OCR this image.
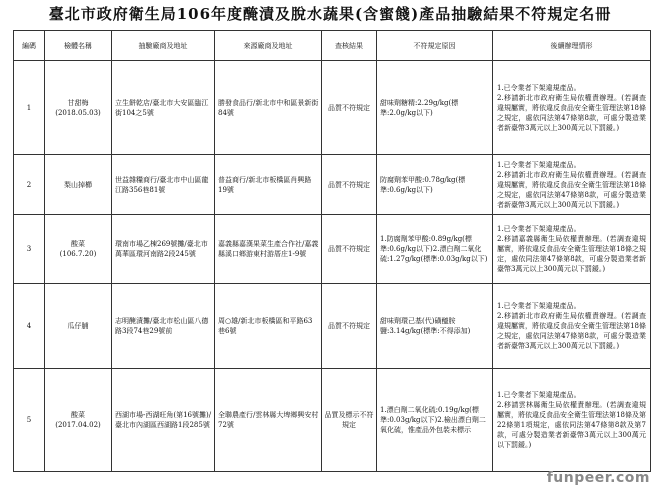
臺北市政府衛生局106年度醃漬及脫水蔬果(含蜜餞)產品抽驗結果不符規定名冊
編碼	檢體名稱	抽驗廠商及地址	來源廠商及地址	查核結果	不符規定原因	後續辦理情形
1	甘甜梅
(2018.05.03)	立生餅乾店/臺北市大安區臨江街104之5號	勝發食品行/新北市中和區景新街84號	品質不符規定	甜味劑糖精:2.29g/kg(標準:2.0g/kg以下)	1.已令業者下架違規產品。
2.移請新北市政府衛生局依權責辦理。(若調查違規屬實，將依違反食品安全衛生管理法第18條之規定，處依同法第47條第8款，可處分製造業者新臺幣3萬元以上300萬元以下罰鍰。)

2	梨山掉櫛	世益雜糧商行/臺北市中山區龍江路356巷81號	普益商行/新北市板橋區肖興路19號	品質不符規定	防腐劑苯甲酸:0.78g/kg(標準:0.6g/kg以下)	1.已令業者下架違規產品。
2.移請新北市政府衛生局依權責辦理。(若調查違規屬實，將依違反食品安全衛生管理法第18條之規定，處依同法第47條第8款，可處分製造業者新臺幣3萬元以上300萬元以下罰鍰。)

3	酸菜
(106.7.20)	環南市場乙棟269號攤/臺北市萬華區環河南路2段245號	嘉義縣嘉漢果菜生產合作社/嘉義縣溪口鄉游東村游厝庄1-9號	品質不符規定	1.防腐劑苯甲酸:0.89g/kg(標準:0.6g/kg以下)2.漂白劑二氧化硫:1.27g/kg(標準:0.03g/kg以下)	1.已令業者下架違規產品。
2.移請嘉義縣衛生局依權責辦理。(若調查違規屬實，將依違反食品安全衛生管理法第18條之規定，處依同法第47條第8款，可處分製造業者新臺幣3萬元以上300萬元以下罰鍰。)

4	瓜仔脯	志明醃漬攤/臺北市松山區八德路3段74巷29號前	周○雄/新北市板橋區和平路63巷6號	品質不符規定	甜味劑環己基(代)磺醯胺鹽:3.14g/kg(標準:不得添加)	1.已令業者下架違規產品。
2.移請新北市政府衛生局依權責辦理。(若調查違規屬實，將依違反食品安全衛生管理法第18條之規定，處依同法第47條第8款，可處分製造業者新臺幣3萬元以上300萬元以下罰鍰。)

5	酸菜
(2017.04.02)	西湖市場-西湖旺角(第16號攤)/臺北市內湖區西湖路1段285號	全聯農產行/雲林縣大埤鄉興安村72號	品質及標示不符規定	1.漂白劑二氧化硫:0.19g/kg(標準:0.03g/kg以下)2.檢出漂白劑二氧化硫，惟產品外包裝未標示	1.已令業者下架違規產品。
2.移請雲林縣衛生局依權責辦理。(若調查違規屬實，將依違反食品安全衛生管理法第18條及第22條第1項規定，處依同法第47條第8款及第7款，可處分製造業者新臺幣3萬元以上300萬元以下罰鍰。)
funpeer.com
